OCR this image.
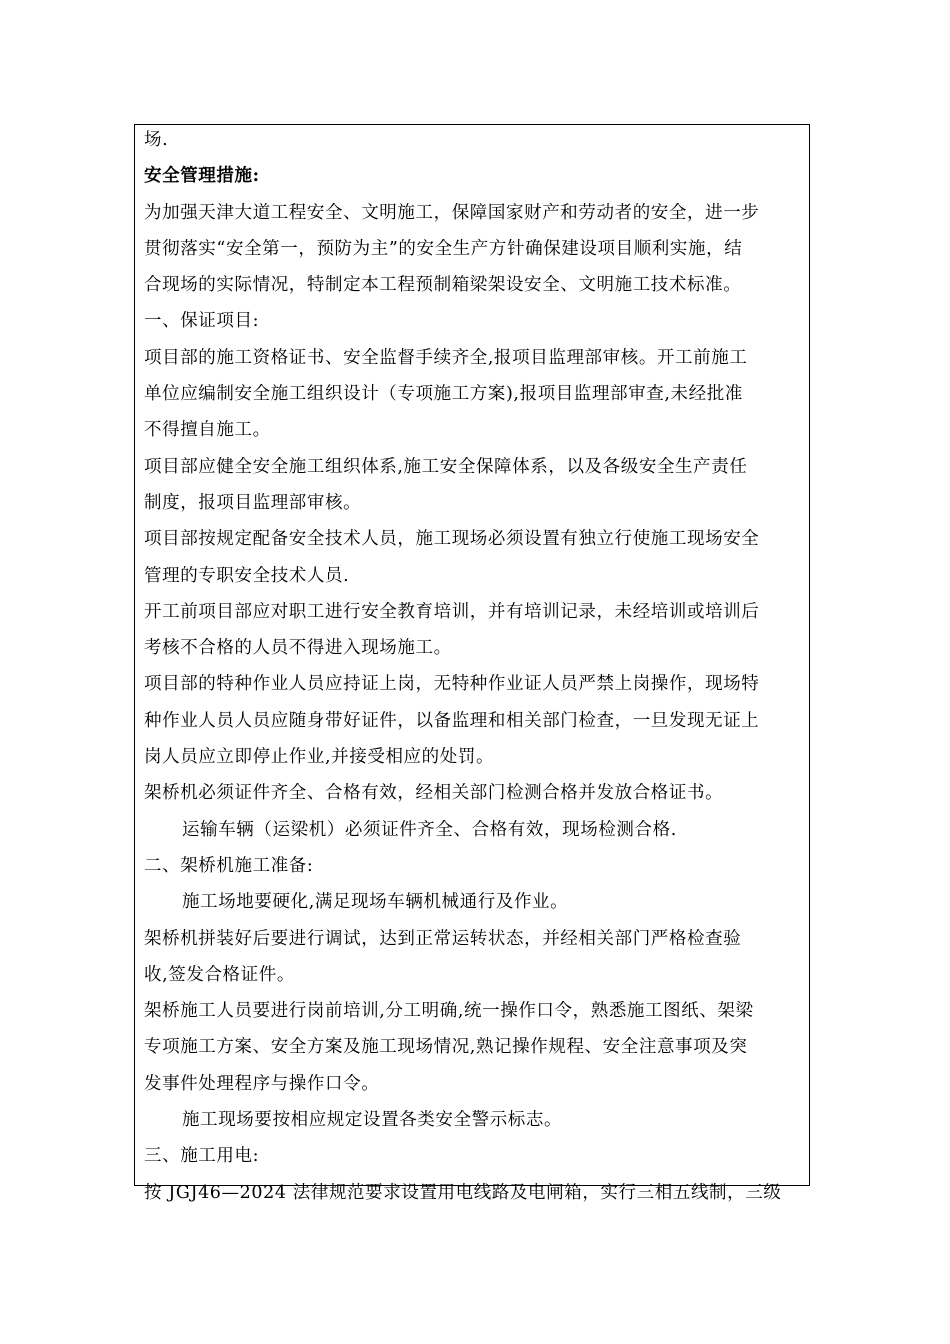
场.
安全管理措施:
为加强天津大道工程安全、文明施工，保障国家财产和劳动者的安全，进一步
贯彻落实“安全第一，预防为主”的安全生产方针确保建设项目顺利实施，结
合现场的实际情况，特制定本工程预制箱梁架设安全、文明施工技术标准。
一、保证项目:
项目部的施工资格证书、安全监督手续齐全,报项目监理部审核。开工前施工
单位应编制安全施工组织设计（专项施工方案),报项目监理部审查,未经批准
不得擅自施工。
项目部应健全安全施工组织体系,施工安全保障体系，以及各级安全生产责任
制度，报项目监理部审核。
项目部按规定配备安全技术人员，施工现场必须设置有独立行使施工现场安全
管理的专职安全技术人员.
开工前项目部应对职工进行安全教育培训，并有培训记录，未经培训或培训后
考核不合格的人员不得进入现场施工。
项目部的特种作业人员应持证上岗，无特种作业证人员严禁上岗操作，现场特
种作业人员人员应随身带好证件，以备监理和相关部门检查，一旦发现无证上
岗人员应立即停止作业,并接受相应的处罚。
架桥机必须证件齐全、合格有效，经相关部门检测合格并发放合格证书。
运输车辆（运梁机）必须证件齐全、合格有效，现场检测合格.
二、架桥机施工准备:
施工场地要硬化,满足现场车辆机械通行及作业。
架桥机拼装好后要进行调试，达到正常运转状态，并经相关部门严格检查验
收,签发合格证件。
架桥施工人员要进行岗前培训,分工明确,统一操作口令，熟悉施工图纸、架梁
专项施工方案、安全方案及施工现场情况,熟记操作规程、安全注意事项及突
发事件处理程序与操作口令。
施工现场要按相应规定设置各类安全警示标志。
三、施工用电:
按 JGJ46—2024 法律规范要求设置用电线路及电闸箱，实行三相五线制，三级
